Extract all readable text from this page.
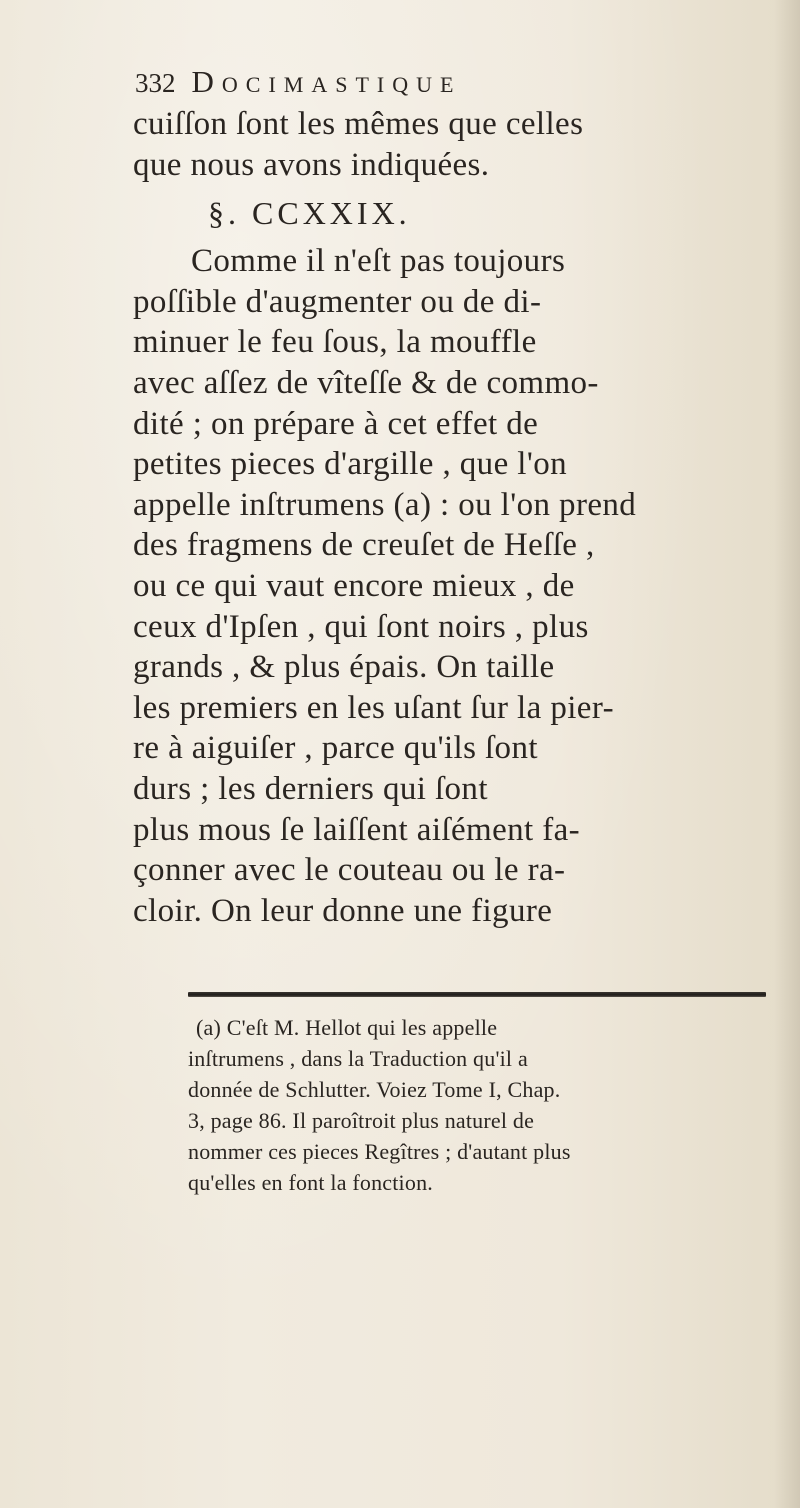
332 Docimastique
cuiſſon ſont les mêmes que celles
que nous avons indiquées.
§. CCXXIX.
Comme il n'eſt pas toujours
poſſible d'augmenter ou de di-
minuer le feu ſous, la mouffle
avec aſſez de vîteſſe & de commo-
dité ; on prépare à cet effet de
petites pieces d'argille , que l'on
appelle inſtrumens (a) : ou l'on prend
des fragmens de creuſet de Heſſe ,
ou ce qui vaut encore mieux , de
ceux d'Ipſen , qui ſont noirs , plus
grands , & plus épais. On taille
les premiers en les uſant ſur la pier-
re à aiguiſer , parce qu'ils ſont
durs ; les derniers qui ſont
plus mous ſe laiſſent aiſément fa-
çonner avec le couteau ou le ra-
cloir. On leur donne une figure
(a) C'eſt M. Hellot qui les appelle
inſtrumens , dans la Traduction qu'il a
donnée de Schlutter. Voiez Tome I, Chap.
3, page 86. Il paroîtroit plus naturel de
nommer ces pieces Regîtres ; d'autant plus
qu'elles en font la fonction.
